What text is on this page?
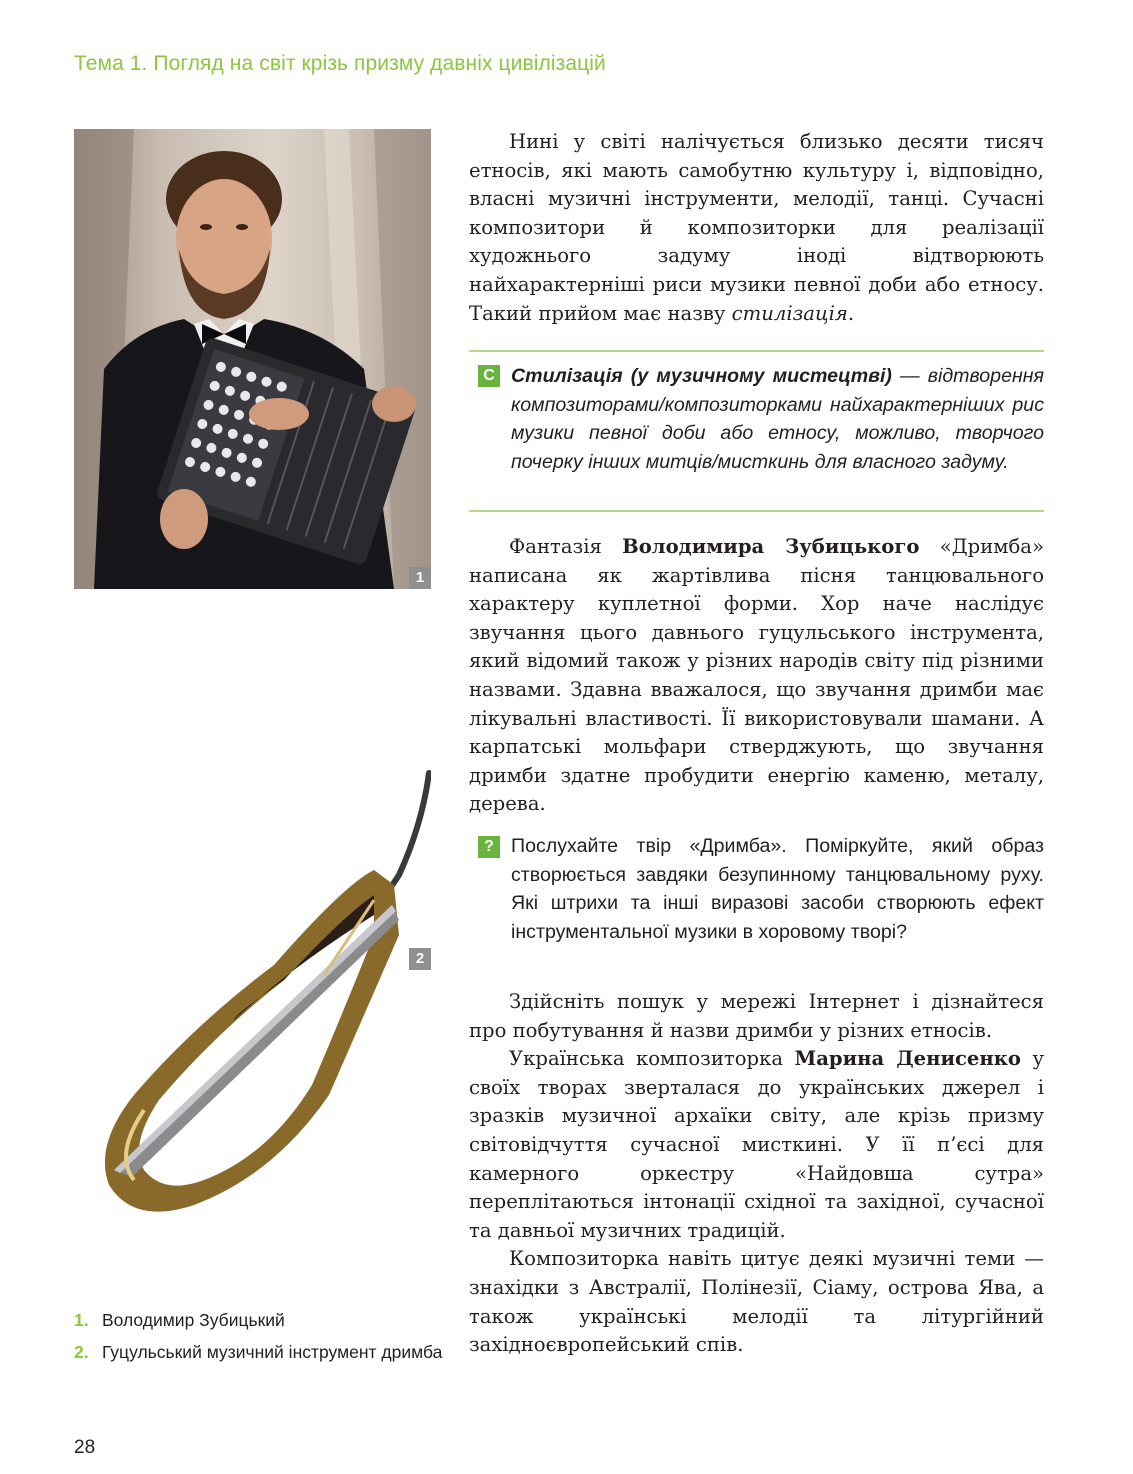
Тема 1. Погляд на світ крізь призму давніх цивілізацій
1
2

Нині у світі налічується близько десяти тисяч етносів, які мають самобутню культуру і, відповідно, власні музичні інструменти, мелодії, танці. Сучасні композитори й композиторки для реалізації художнього задуму іноді відтворюють найхарактерніші риси музики певної доби або етносу. Такий прийом має назву стилізація.

С Стилізація (у музичному мистецтві) — відтворення композиторами/композиторками найхарактерніших рис музики певної доби або етносу, можливо, творчого почерку інших митців/мисткинь для власного задуму.

Фантазія Володимира Зубицького «Дримба» написана як жартівлива пісня танцювального характеру куплетної форми. Хор наче наслідує звучання цього давнього гуцульського інструмента, який відомий також у різних народів світу під різними назвами. Здавна вважалося, що звучання дримби має лікувальні властивості. Її використовували шамани. А карпатські мольфари стверджують, що звучання дримби здатне пробудити енергію каменю, металу, дерева.

? Послухайте твір «Дримба». Поміркуйте, який образ створюється завдяки безупинному танцювальному руху. Які штрихи та інші виразові засоби створюють ефект інструментальної музики в хоровому творі?

Здійсніть пошук у мережі Інтернет і дізнайтеся про побутування й назви дримби у різних етносів.

Українська композиторка Марина Денисенко у своїх творах зверталася до українських джерел і зразків музичної архаїки світу, але крізь призму світовідчуття сучасної мисткині. У її п’єсі для камерного оркестру «Найдовша сутра» переплітаються інтонації східної та західної, сучасної та давньої музичних традицій.

Композиторка навіть цитує деякі музичні теми — знахідки з Австралії, Полінезії, Сіаму, острова Ява, а також українські мелодії та літургійний західноєвропейський спів.

1. Володимир Зубицький
2. Гуцульський музичний інструмент дримба
28
